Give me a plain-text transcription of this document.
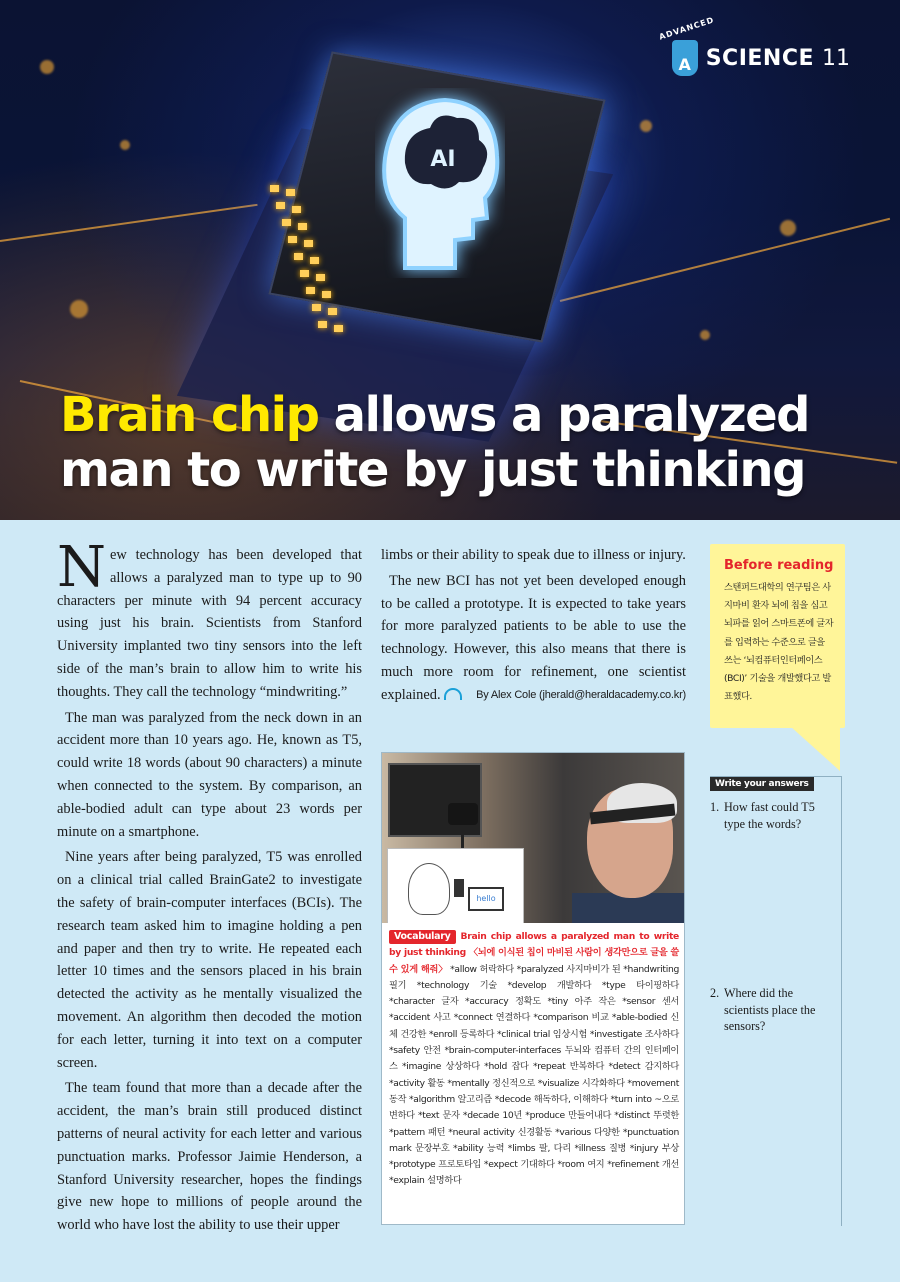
AI
ADVANCED
A SCIENCE 11
Brain chip allows a paralyzed
man to write by just thinking

New technology has been developed that allows a paralyzed man to type up to 90 characters per minute with 94 percent accuracy using just his brain. Scientists from Stanford University implanted two tiny sensors into the left side of the man’s brain to allow him to write his thoughts. They call the technology “mindwriting.”

The man was paralyzed from the neck down in an accident more than 10 years ago. He, known as T5, could write 18 words (about 90 characters) a minute when connected to the system. By comparison, an able-bodied adult can type about 23 words per minute on a smartphone.

Nine years after being paralyzed, T5 was enrolled on a clinical trial called BrainGate2 to investigate the safety of brain-computer interfaces (BCIs). The research team asked him to imagine holding a pen and paper and then try to write. He repeated each letter 10 times and the sensors placed in his brain detected the activity as he mentally visualized the movement. An algorithm then decoded the motion for each letter, turning it into text on a computer screen.

The team found that more than a decade after the accident, the man’s brain still produced distinct patterns of neural activity for each letter and various punctuation marks. Professor Jaimie Henderson, a Stanford University researcher, hopes the findings give new hope to millions of people around the world who have lost the ability to use their upper

limbs or their ability to speak due to illness or injury.

The new BCI has not yet been developed enough to be called a prototype. It is expected to take years for more paralyzed patients to be able to use the technology. However, this also means that there is much more room for refinement, one scientist explained.	By Alex Cole (jherald@heraldacademy.co.kr)

hello
Vocabulary Brain chip allows a paralyzed man to write by just thinking 〈뇌에 이식된 칩이 마비된 사람이 생각만으로 글을 쓸 수 있게 해줘〉 *allow 허락하다 *paralyzed 사지마비가 된 *handwriting 필기 *technology 기술 *develop 개발하다 *type 타이핑하다 *character 글자 *accuracy 정확도 *tiny 아주 작은 *sensor 센서 *accident 사고 *connect 연결하다 *comparison 비교 *able-bodied 신체 건강한 *enroll 등록하다 *clinical trial 임상시험 *investigate 조사하다 *safety 안전 *brain-computer-interfaces 두뇌와 컴퓨터 간의 인터페이스 *imagine 상상하다 *hold 잡다 *repeat 반복하다 *detect 감지하다 *activity 활동 *mentally 정신적으로 *visualize 시각화하다 *movement 동작 *algorithm 알고리즘 *decode 해독하다, 이해하다 *turn into ~으로 변하다 *text 문자 *decade 10년 *produce 만들어내다 *distinct 뚜렷한 *pattern 패턴 *neural activity 신경활동 *various 다양한 *punctuation mark 문장부호 *ability 능력 *limbs 팔, 다리 *illness 질병 *injury 부상 *prototype 프로토타입 *expect 기대하다 *room 여지 *refinement 개선 *explain 설명하다
Before reading

스탠퍼드대학의 연구팀은 사지마비 환자 뇌에 칩을 심고 뇌파를 읽어 스마트폰에 글자를 입력하는 수준으로 글을 쓰는 ‘뇌컴퓨터인터페이스(BCI)’ 기술을 개발했다고 발표했다.

Write your answers
1. How fast could T5 type the words?
2. Where did the scientists place the sensors?
